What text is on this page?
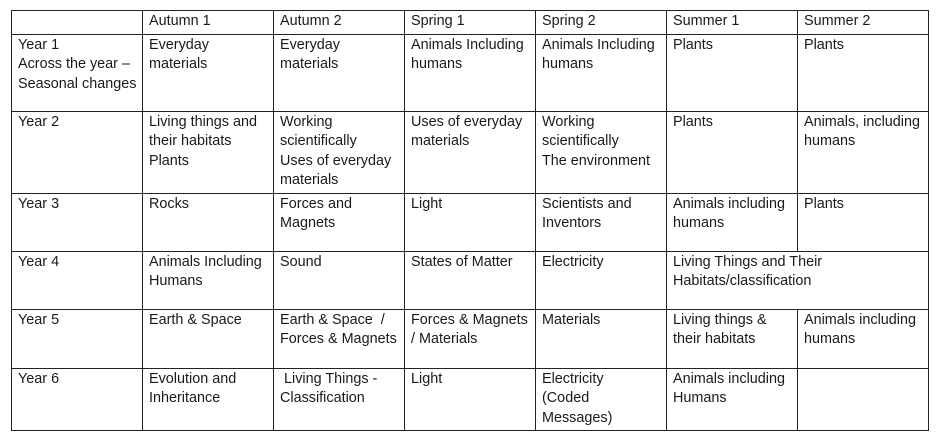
	Autumn 1	Autumn 2	Spring 1	Spring 2	Summer 1	Summer 2

Year 1
Across the year –
Seasonal changes	Everyday
materials	Everyday
materials	Animals Including
humans	Animals Including
humans	Plants	Plants

Year 2	Living things and
their habitats
Plants	Working
scientifically
Uses of everyday
materials	Uses of everyday
materials	Working
scientifically
The environment	Plants	Animals, including
humans

Year 3	Rocks	Forces and
Magnets	Light	Scientists and
Inventors	Animals including
humans	Plants

Year 4	Animals Including
Humans	Sound	States of Matter	Electricity	Living Things and Their
Habitats/classification	

Year 5	Earth & Space	Earth & Space  /
Forces & Magnets	Forces & Magnets
/ Materials	Materials	Living things &
their habitats	Animals including
humans

Year 6	Evolution and
Inheritance	Living Things -
Classification	Light	Electricity
(Coded
Messages)	Animals including
Humans	
